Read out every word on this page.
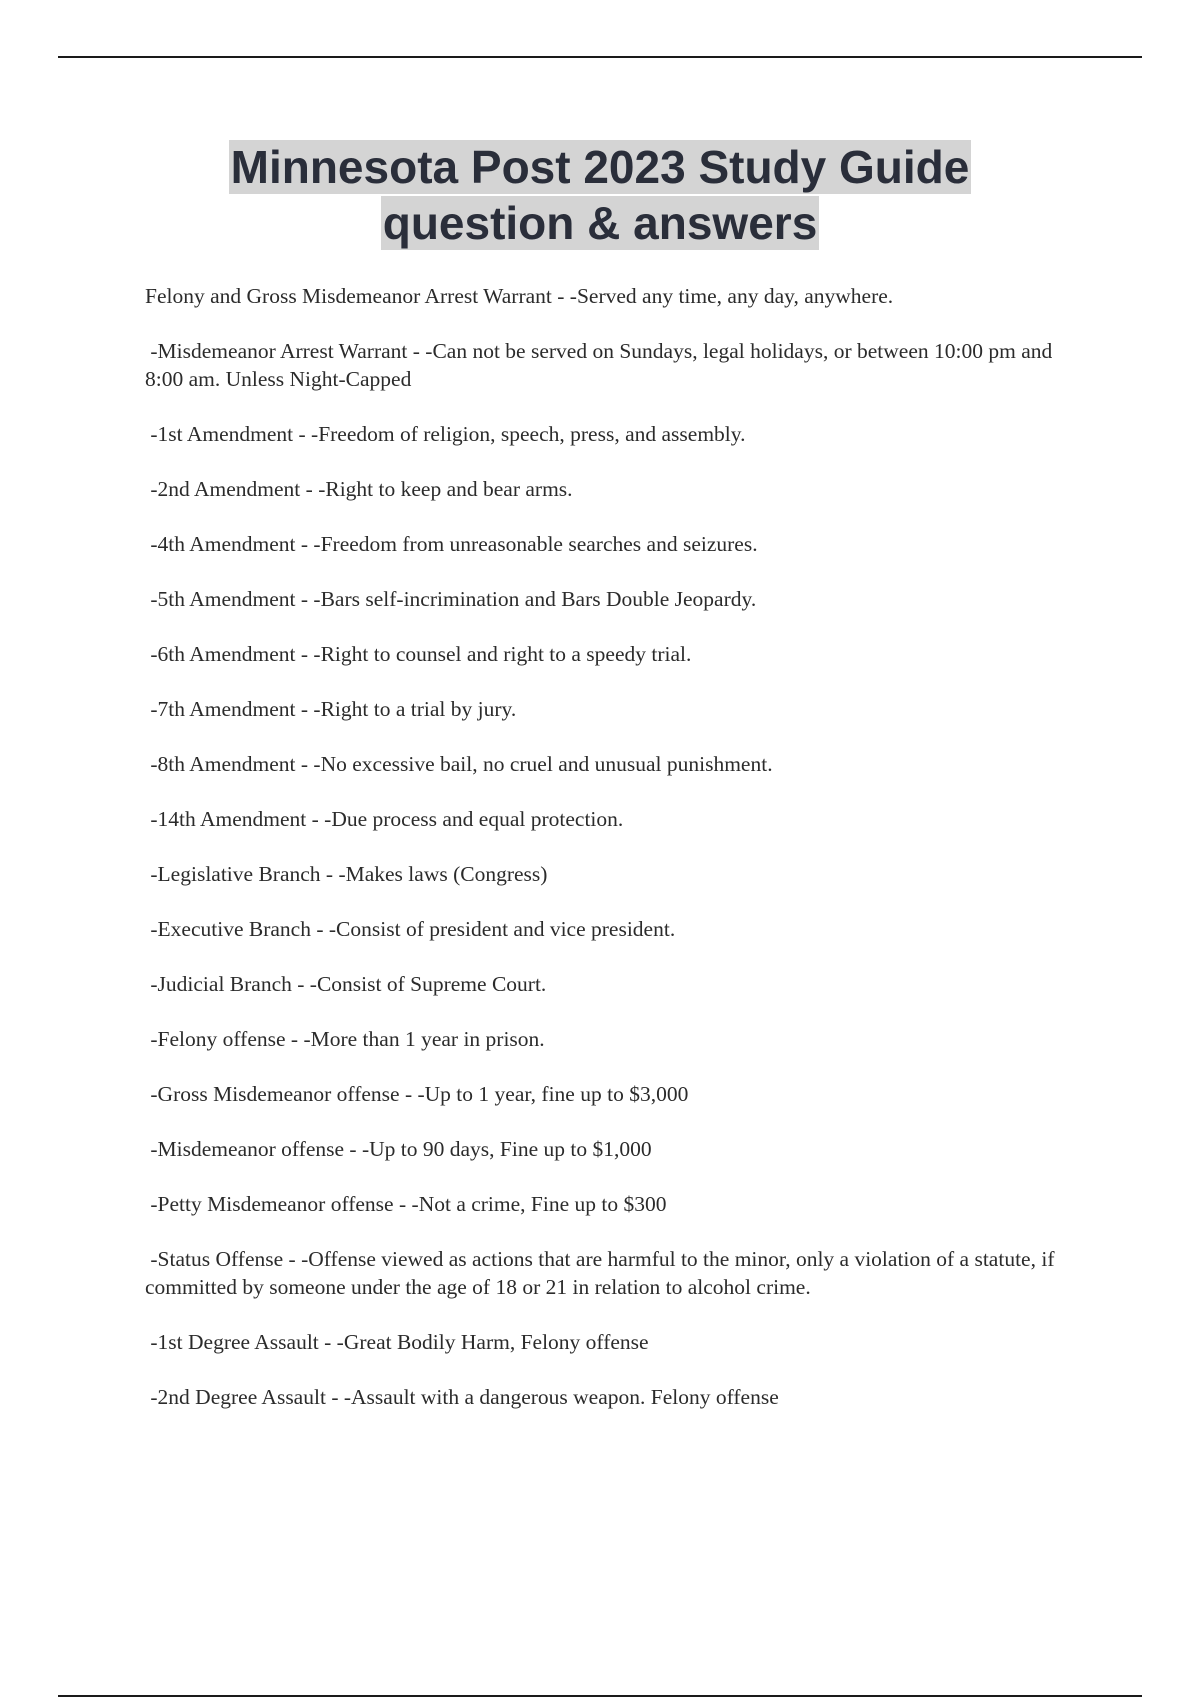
Minnesota Post 2023 Study Guide
question & answers
Felony and Gross Misdemeanor Arrest Warrant - -Served any time, any day, anywhere.
-Misdemeanor Arrest Warrant - -Can not be served on Sundays, legal holidays, or between 10:00 pm and 8:00 am. Unless Night-Capped
-1st Amendment - -Freedom of religion, speech, press, and assembly.
-2nd Amendment - -Right to keep and bear arms.
-4th Amendment - -Freedom from unreasonable searches and seizures.
-5th Amendment - -Bars self-incrimination and Bars Double Jeopardy.
-6th Amendment - -Right to counsel and right to a speedy trial.
-7th Amendment - -Right to a trial by jury.
-8th Amendment - -No excessive bail, no cruel and unusual punishment.
-14th Amendment - -Due process and equal protection.
-Legislative Branch - -Makes laws (Congress)
-Executive Branch - -Consist of president and vice president.
-Judicial Branch - -Consist of Supreme Court.
-Felony offense - -More than 1 year in prison.
-Gross Misdemeanor offense - -Up to 1 year, fine up to $3,000
-Misdemeanor offense - -Up to 90 days, Fine up to $1,000
-Petty Misdemeanor offense - -Not a crime, Fine up to $300
-Status Offense - -Offense viewed as actions that are harmful to the minor, only a violation of a statute, if committed by someone under the age of 18 or 21 in relation to alcohol crime.
-1st Degree Assault - -Great Bodily Harm, Felony offense
-2nd Degree Assault - -Assault with a dangerous weapon. Felony offense
